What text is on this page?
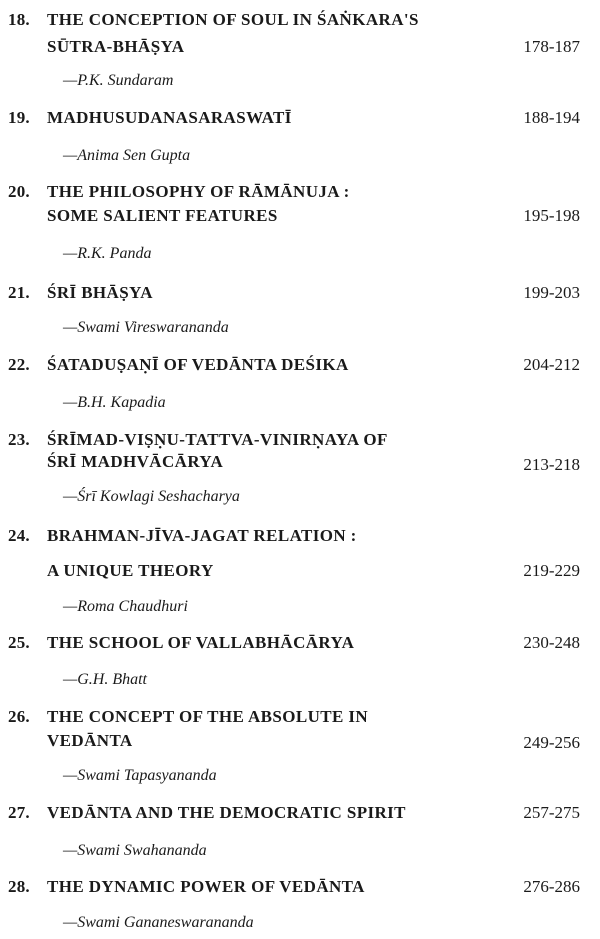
18. THE CONCEPTION OF SOUL IN ŚAṄKARA'S
SŪTRA-BHĀṢYA	178-187
—P.K. Sundaram
19. MADHUSUDANASARASWATĪ	188-194
—Anima Sen Gupta
20. THE PHILOSOPHY OF RĀMĀNUJA :
SOME SALIENT FEATURES	195-198
—R.K. Panda
21. ŚRĪ BHĀṢYA	199-203
—Swami Vireswarananda
22. ŚATADUṢAṆĪ OF VEDĀNTA DEŚIKA	204-212
—B.H. Kapadia
23. ŚRĪMAD-VIṢṆU-TATTVA-VINIRṆAYA OF
ŚRĪ MADHVĀCĀRYA	213-218
—Śrī Kowlagi Seshacharya
24. BRAHMAN-JĪVA-JAGAT RELATION :
A UNIQUE THEORY	219-229
—Roma Chaudhuri
25. THE SCHOOL OF VALLABHĀCĀRYA	230-248
—G.H. Bhatt
26. THE CONCEPT OF THE ABSOLUTE IN
VEDĀNTA	249-256
—Swami Tapasyananda
27. VEDĀNTA AND THE DEMOCRATIC SPIRIT	257-275
—Swami Swahananda
28. THE DYNAMIC POWER OF VEDĀNTA	276-286
—Swami Gananeswarananda
